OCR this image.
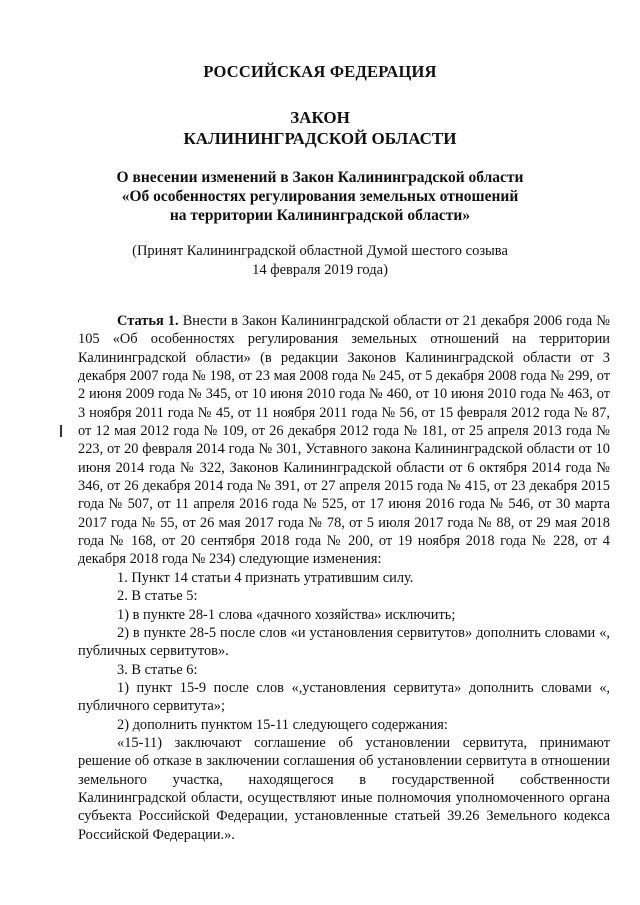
РОССИЙСКАЯ ФЕДЕРАЦИЯ
ЗАКОН
КАЛИНИНГРАДСКОЙ ОБЛАСТИ
О внесении изменений в Закон Калининградской области
«Об особенностях регулирования земельных отношений
на территории Калининградской области»
(Принят Калининградской областной Думой шестого созыва
14 февраля 2019 года)

Статья 1. Внести в Закон Калининградской области от 21 декабря 2006 года № 105 «Об особенностях регулирования земельных отношений на территории Калининградской области» (в редакции Законов Калининградской области от 3 декабря 2007 года № 198, от 23 мая 2008 года № 245, от 5 декабря 2008 года № 299, от 2 июня 2009 года № 345, от 10 июня 2010 года № 460, от 10 июня 2010 года № 463, от 3 ноября 2011 года № 45, от 11 ноября 2011 года № 56, от 15 февраля 2012 года № 87, от 12 мая 2012 года № 109, от 26 декабря 2012 года № 181, от 25 апреля 2013 года № 223, от 20 февраля 2014 года № 301, Уставного закона Калининградской области от 10 июня 2014 года № 322, Законов Калининградской области от 6 октября 2014 года № 346, от 26 декабря 2014 года № 391, от 27 апреля 2015 года № 415, от 23 декабря 2015 года № 507, от 11 апреля 2016 года № 525, от 17 июня 2016 года № 546, от 30 марта 2017 года № 55, от 26 мая 2017 года № 78, от 5 июля 2017 года № 88, от 29 мая 2018 года № 168, от 20 сентября 2018 года № 200, от 19 ноября 2018 года № 228, от 4 декабря 2018 года № 234) следующие изменения:

1. Пункт 14 статьи 4 признать утратившим силу.

2. В статье 5:

1) в пункте 28-1 слова «дачного хозяйства» исключить;

2) в пункте 28-5 после слов «и установления сервитутов» дополнить словами «, публичных сервитутов».

3. В статье 6:

1) пункт 15-9 после слов «,установления сервитута» дополнить словами «, публичного сервитута»;

2) дополнить пунктом 15-11 следующего содержания:

«15-11) заключают соглашение об установлении сервитута, принимают решение об отказе в заключении соглашения об установлении сервитута в отношении земельного участка, находящегося в государственной собственности Калининградской области, осуществляют иные полномочия уполномоченного органа субъекта Российской Федерации, установленные статьей 39.26 Земельного кодекса Российской Федерации.».
